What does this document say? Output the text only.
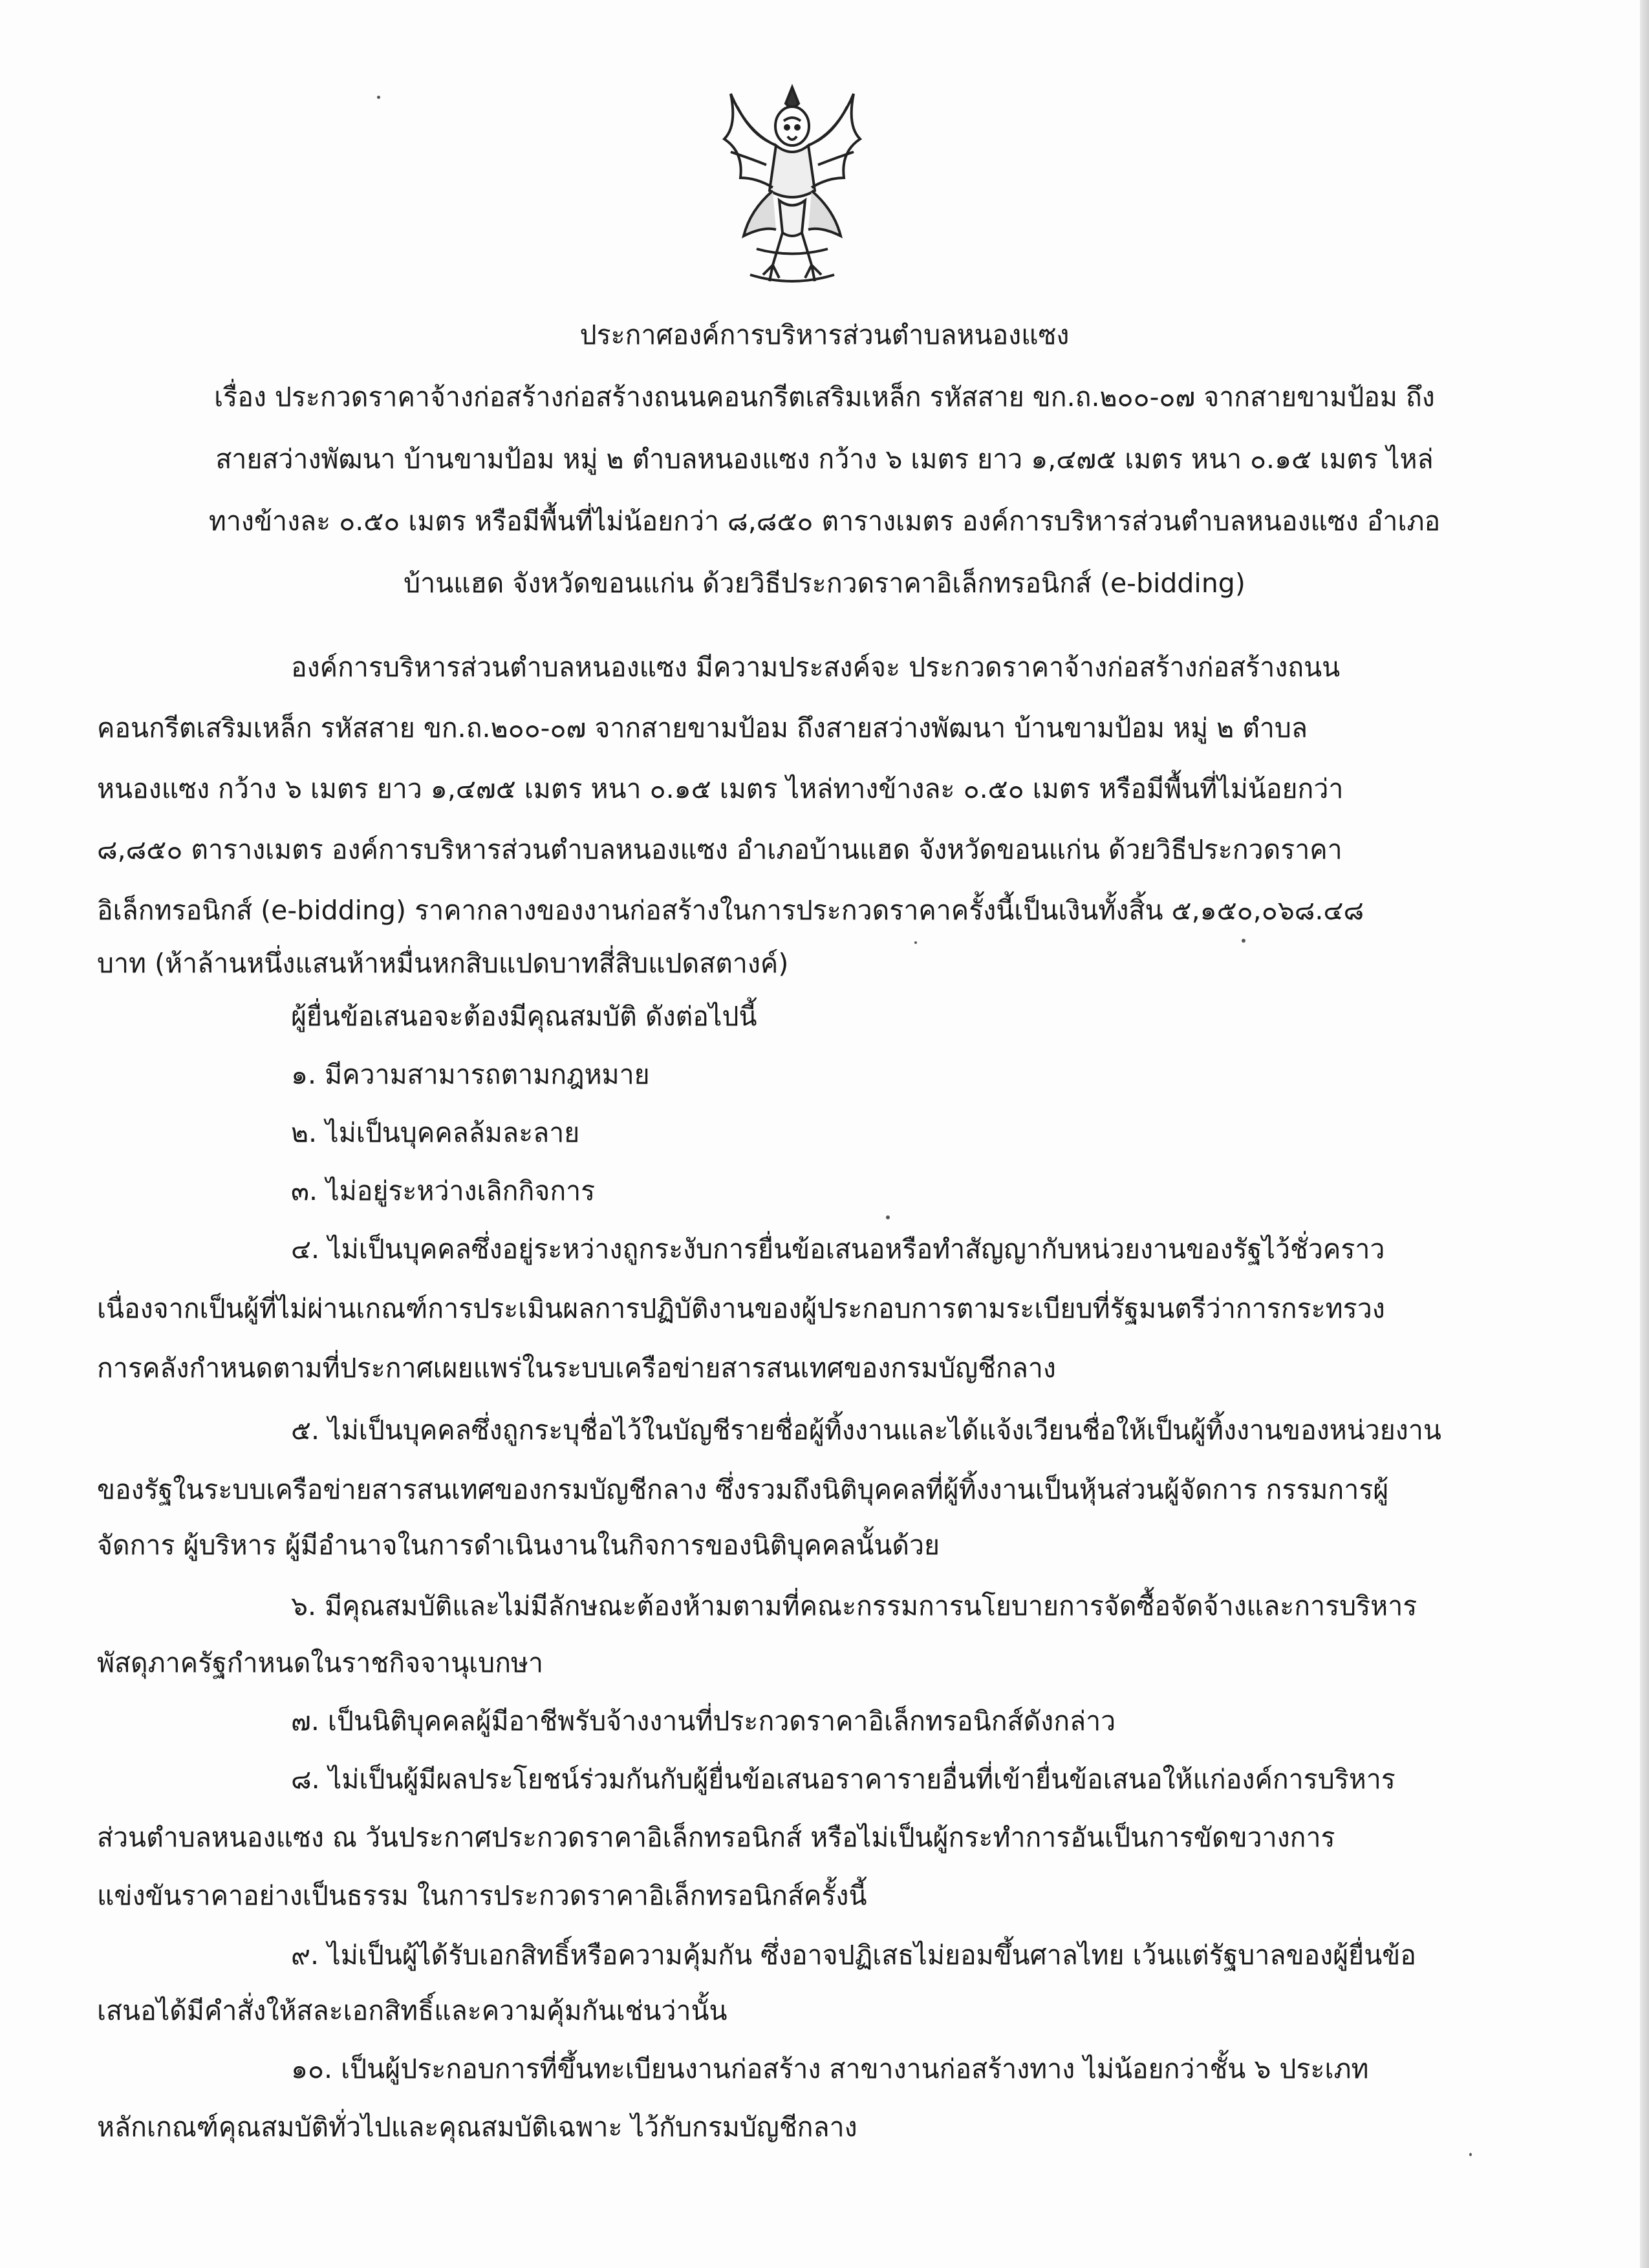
ประกาศองค์การบริหารส่วนตำบลหนองแซง
เรื่อง ประกวดราคาจ้างก่อสร้างก่อสร้างถนนคอนกรีตเสริมเหล็ก รหัสสาย ขก.ถ.๒๐๐-๐๗ จากสายขามป้อม ถึง
สายสว่างพัฒนา บ้านขามป้อม หมู่ ๒ ตำบลหนองแซง กว้าง ๖ เมตร ยาว ๑,๔๗๕ เมตร หนา ๐.๑๕ เมตร ไหล่
ทางข้างละ ๐.๕๐ เมตร หรือมีพื้นที่ไม่น้อยกว่า ๘,๘๕๐ ตารางเมตร องค์การบริหารส่วนตำบลหนองแซง อำเภอ
บ้านแฮด จังหวัดขอนแก่น ด้วยวิธีประกวดราคาอิเล็กทรอนิกส์ (e-bidding)
องค์การบริหารส่วนตำบลหนองแซง มีความประสงค์จะ ประกวดราคาจ้างก่อสร้างก่อสร้างถนน
คอนกรีตเสริมเหล็ก รหัสสาย ขก.ถ.๒๐๐-๐๗ จากสายขามป้อม ถึงสายสว่างพัฒนา บ้านขามป้อม หมู่ ๒ ตำบล
หนองแซง กว้าง ๖ เมตร ยาว ๑,๔๗๕ เมตร หนา ๐.๑๕ เมตร ไหล่ทางข้างละ ๐.๕๐ เมตร หรือมีพื้นที่ไม่น้อยกว่า
๘,๘๕๐ ตารางเมตร องค์การบริหารส่วนตำบลหนองแซง อำเภอบ้านแฮด จังหวัดขอนแก่น ด้วยวิธีประกวดราคา
อิเล็กทรอนิกส์ (e-bidding) ราคากลางของงานก่อสร้างในการประกวดราคาครั้งนี้เป็นเงินทั้งสิ้น ๕,๑๕๐,๐๖๘.๔๘
บาท (ห้าล้านหนึ่งแสนห้าหมื่นหกสิบแปดบาทสี่สิบแปดสตางค์)
ผู้ยื่นข้อเสนอจะต้องมีคุณสมบัติ ดังต่อไปนี้
๑. มีความสามารถตามกฎหมาย
๒. ไม่เป็นบุคคลล้มละลาย
๓. ไม่อยู่ระหว่างเลิกกิจการ
๔. ไม่เป็นบุคคลซึ่งอยู่ระหว่างถูกระงับการยื่นข้อเสนอหรือทำสัญญากับหน่วยงานของรัฐไว้ชั่วคราว
เนื่องจากเป็นผู้ที่ไม่ผ่านเกณฑ์การประเมินผลการปฏิบัติงานของผู้ประกอบการตามระเบียบที่รัฐมนตรีว่าการกระทรวง
การคลังกำหนดตามที่ประกาศเผยแพร่ในระบบเครือข่ายสารสนเทศของกรมบัญชีกลาง
๕. ไม่เป็นบุคคลซึ่งถูกระบุชื่อไว้ในบัญชีรายชื่อผู้ทิ้งงานและได้แจ้งเวียนชื่อให้เป็นผู้ทิ้งงานของหน่วยงาน
ของรัฐในระบบเครือข่ายสารสนเทศของกรมบัญชีกลาง ซึ่งรวมถึงนิติบุคคลที่ผู้ทิ้งงานเป็นหุ้นส่วนผู้จัดการ กรรมการผู้
จัดการ ผู้บริหาร ผู้มีอำนาจในการดำเนินงานในกิจการของนิติบุคคลนั้นด้วย
๖. มีคุณสมบัติและไม่มีลักษณะต้องห้ามตามที่คณะกรรมการนโยบายการจัดซื้อจัดจ้างและการบริหาร
พัสดุภาครัฐกำหนดในราชกิจจานุเบกษา
๗. เป็นนิติบุคคลผู้มีอาชีพรับจ้างงานที่ประกวดราคาอิเล็กทรอนิกส์ดังกล่าว
๘. ไม่เป็นผู้มีผลประโยชน์ร่วมกันกับผู้ยื่นข้อเสนอราคารายอื่นที่เข้ายื่นข้อเสนอให้แก่องค์การบริหาร
ส่วนตำบลหนองแซง ณ วันประกาศประกวดราคาอิเล็กทรอนิกส์ หรือไม่เป็นผู้กระทำการอันเป็นการขัดขวางการ
แข่งขันราคาอย่างเป็นธรรม ในการประกวดราคาอิเล็กทรอนิกส์ครั้งนี้
๙. ไม่เป็นผู้ได้รับเอกสิทธิ์หรือความคุ้มกัน ซึ่งอาจปฏิเสธไม่ยอมขึ้นศาลไทย เว้นแต่รัฐบาลของผู้ยื่นข้อ
เสนอได้มีคำสั่งให้สละเอกสิทธิ์และความคุ้มกันเช่นว่านั้น
๑๐. เป็นผู้ประกอบการที่ขึ้นทะเบียนงานก่อสร้าง สาขางานก่อสร้างทาง ไม่น้อยกว่าชั้น ๖ ประเภท
หลักเกณฑ์คุณสมบัติทั่วไปและคุณสมบัติเฉพาะ ไว้กับกรมบัญชีกลาง
